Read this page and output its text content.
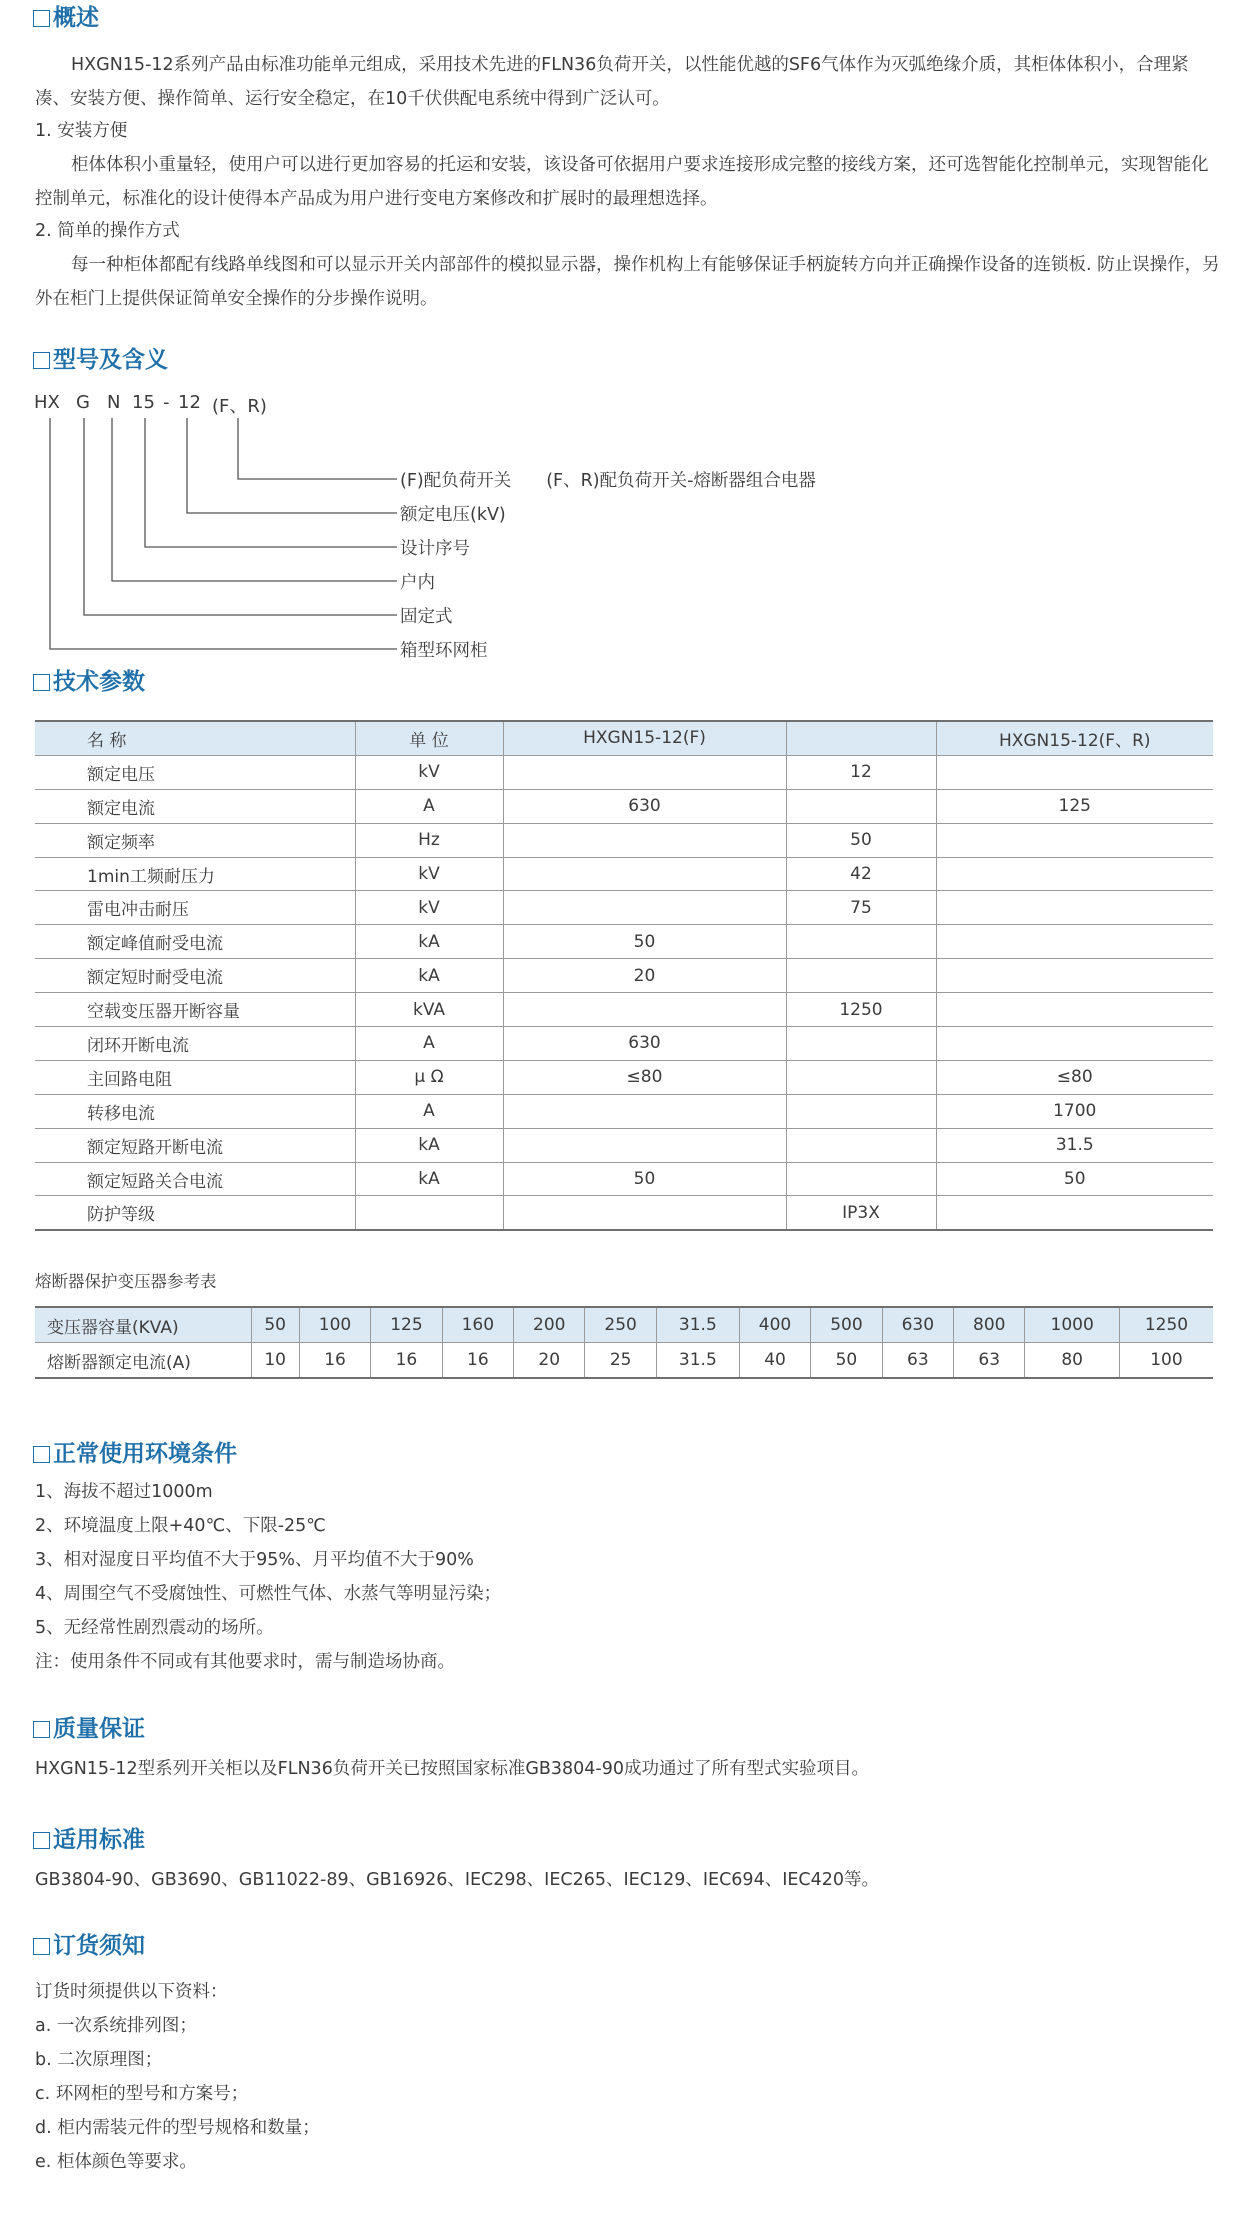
概述
HXGN15-12系列产品由标准功能单元组成，采用技术先进的FLN36负荷开关，以性能优越的SF6气体作为灭弧绝缘介质，其柜体体积小，合理紧凑、安装方便、操作简单、运行安全稳定，在10千伏供配电系统中得到广泛认可。
1. 安装方便
柜体体积小重量轻，使用户可以进行更加容易的托运和安装，该设备可依据用户要求连接形成完整的接线方案，还可选智能化控制单元，实现智能化控制单元，标准化的设计使得本产品成为用户进行变电方案修改和扩展时的最理想选择。
2. 简单的操作方式
每一种柜体都配有线路单线图和可以显示开关内部部件的模拟显示器，操作机构上有能够保证手柄旋转方向并正确操作设备的连锁板. 防止误操作，另外在柜门上提供保证简单安全操作的分步操作说明。
型号及含义
HX G N 15 - 12 (F、R)
(F)配负荷开关　　(F、R)配负荷开关-熔断器组合电器
额定电压(kV)
设计序号
户内
固定式
箱型环网柜
技术参数
名 称	单 位	HXGN15-12(F)		HXGN15-12(F、R)
额定电压	kV		12	
额定电流	A	630		125
额定频率	Hz		50	
1min工频耐压力	kV		42	
雷电冲击耐压	kV		75	
额定峰值耐受电流	kA	50		
额定短时耐受电流	kA	20		
空载变压器开断容量	kVA		1250	
闭环开断电流	A	630		
主回路电阻	μ Ω	≤80		≤80
转移电流	A			1700
额定短路开断电流	kA			31.5
额定短路关合电流	kA	50		50
防护等级			IP3X	
熔断器保护变压器参考表
变压器容量(KVA)	50	100	125	160	200	250	31.5	400	500	630	800	1000	1250
熔断器额定电流(A)	10	16	16	16	20	25	31.5	40	50	63	63	80	100
正常使用环境条件
1、海拔不超过1000m
2、环境温度上限+40℃、下限-25℃
3、相对湿度日平均值不大于95%、月平均值不大于90%
4、周围空气不受腐蚀性、可燃性气体、水蒸气等明显污染；
5、无经常性剧烈震动的场所。
注：使用条件不同或有其他要求时，需与制造场协商。
质量保证
HXGN15-12型系列开关柜以及FLN36负荷开关已按照国家标准GB3804-90成功通过了所有型式实验项目。
适用标准
GB3804-90、GB3690、GB11022-89、GB16926、IEC298、IEC265、IEC129、IEC694、IEC420等。
订货须知
订货时须提供以下资料：
a. 一次系统排列图；
b. 二次原理图；
c. 环网柜的型号和方案号；
d. 柜内需装元件的型号规格和数量；
e. 柜体颜色等要求。
